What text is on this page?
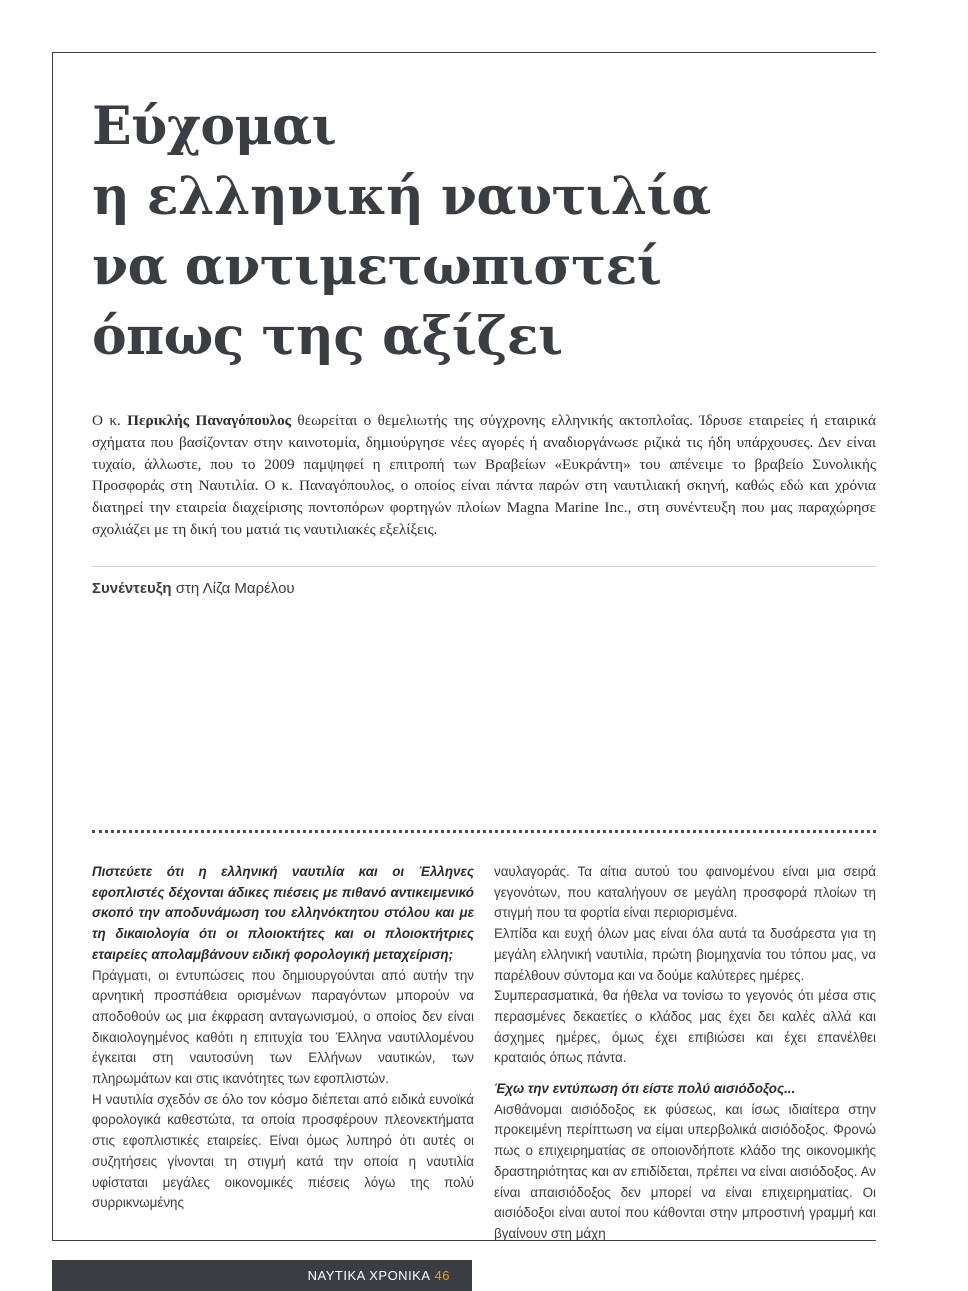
Εύχομαι
η ελληνική ναυτιλία
να αντιμετωπιστεί
όπως της αξίζει

Ο κ. Περικλής Παναγόπουλος θεωρείται ο θεμελιωτής της σύγχρονης ελληνικής ακτοπλοΐας. Ίδρυσε εταιρείες ή εταιρικά σχήματα που βασίζονταν στην καινοτομία, δημιούργησε νέες αγορές ή αναδιοργάνωσε ριζικά τις ήδη υπάρχουσες. Δεν είναι τυχαίο, άλλωστε, που το 2009 παμψηφεί η επιτροπή των Βραβείων «Ευκράντη» του απένειμε το βραβείο Συνολικής Προσφοράς στη Ναυτιλία. Ο κ. Παναγόπουλος, ο οποίος είναι πάντα παρών στη ναυτιλιακή σκηνή, καθώς εδώ και χρόνια διατηρεί την εταιρεία διαχείρισης ποντοπόρων φορτηγών πλοίων Magna Marine Inc., στη συνέντευξη που μας παραχώρησε σχολιάζει με τη δική του ματιά τις ναυτιλιακές εξελίξεις.

Συνέντευξη στη Λίζα Μαρέλου

Πιστεύετε ότι η ελληνική ναυτιλία και οι Έλληνες εφοπλιστές δέχονται άδικες πιέσεις με πιθανό αντικειμενικό σκοπό την αποδυνάμωση του ελληνόκτητου στόλου και με τη δικαιολογία ότι οι πλοιοκτήτες και οι πλοιοκτήτριες εταιρείες απολαμβάνουν ειδική φορολογική μεταχείριση;

Πράγματι, οι εντυπώσεις που δημιουργούνται από αυτήν την αρνητική προσπάθεια ορισμένων παραγόντων μπορούν να αποδοθούν ως μια έκφραση ανταγωνισμού, ο οποίος δεν είναι δικαιολογημένος καθότι η επιτυχία του Έλληνα ναυτιλλομένου έγκειται στη ναυτοσύνη των Ελλήνων ναυτικών, των πληρωμάτων και στις ικανότητες των εφοπλιστών.

Η ναυτιλία σχεδόν σε όλο τον κόσμο διέπεται από ειδικά ευνοϊκά φορολογικά καθεστώτα, τα οποία προσφέρουν πλεονεκτήματα στις εφοπλιστικές εταιρείες. Είναι όμως λυπηρό ότι αυτές οι συζητήσεις γίνονται τη στιγμή κατά την οποία η ναυτιλία υφίσταται μεγάλες οικονομικές πιέσεις λόγω της πολύ συρρικνωμένης

ναυλαγοράς. Τα αίτια αυτού του φαινομένου είναι μια σειρά γεγονότων, που καταλήγουν σε μεγάλη προσφορά πλοίων τη στιγμή που τα φορτία είναι περιορισμένα.

Ελπίδα και ευχή όλων μας είναι όλα αυτά τα δυσάρεστα για τη μεγάλη ελληνική ναυτιλία, πρώτη βιομηχανία του τόπου μας, να παρέλθουν σύντομα και να δούμε καλύτερες ημέρες.

Συμπερασματικά, θα ήθελα να τονίσω το γεγονός ότι μέσα στις περασμένες δεκαετίες ο κλάδος μας έχει δει καλές αλλά και άσχημες ημέρες, όμως έχει επιβιώσει και έχει επανέλθει κραταιός όπως πάντα.

Έχω την εντύπωση ότι είστε πολύ αισιόδοξος...

Αισθάνομαι αισιόδοξος εκ φύσεως, και ίσως ιδιαίτερα στην προκειμένη περίπτωση να είμαι υπερβολικά αισιόδοξος. Φρονώ πως ο επιχειρηματίας σε οποιονδήποτε κλάδο της οικονομικής δραστηριότητας και αν επιδίδεται, πρέπει να είναι αισιόδοξος. Αν είναι απαισιόδοξος δεν μπορεί να είναι επιχειρηματίας. Οι αισιόδοξοι είναι αυτοί που κάθονται στην μπροστινή γραμμή και βγαίνουν στη μάχη

ΝΑΥΤΙΚΑ ΧΡΟΝΙΚΑ 46
